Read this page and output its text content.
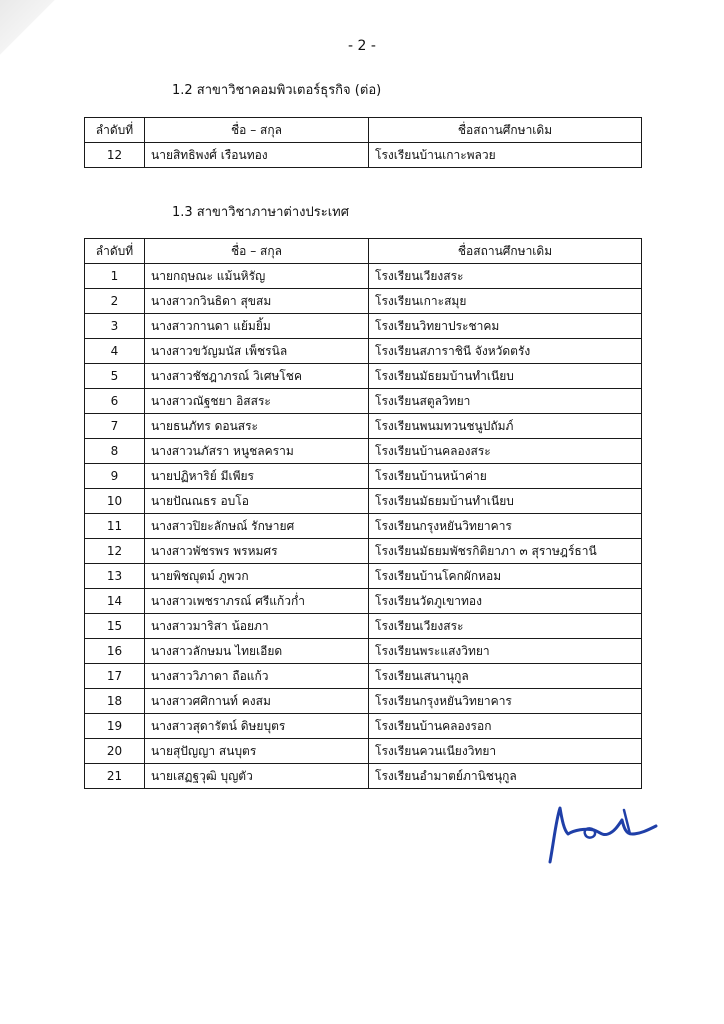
- 2 -
1.2 สาขาวิชาคอมพิวเตอร์ธุรกิจ (ต่อ)
ลำดับที่	ชื่อ – สกุล	ชื่อสถานศึกษาเดิม
12	นายสิทธิพงศ์ เรือนทอง	โรงเรียนบ้านเกาะพลวย
1.3 สาขาวิชาภาษาต่างประเทศ
ลำดับที่	ชื่อ – สกุล	ชื่อสถานศึกษาเดิม
1	นายกฤษณะ แม้นหิรัญ	โรงเรียนเวียงสระ
2	นางสาวกวินธิดา สุขสม	โรงเรียนเกาะสมุย
3	นางสาวกานดา แย้มยิ้ม	โรงเรียนวิทยาประชาคม
4	นางสาวขวัญมนัส เพ็ชรนิล	โรงเรียนสภาราชินี จังหวัดตรัง
5	นางสาวชัชฎาภรณ์ วิเศษโชค	โรงเรียนมัธยมบ้านทำเนียบ
6	นางสาวณัฐชยา อิสสระ	โรงเรียนสตูลวิทยา
7	นายธนภัทร ดอนสระ	โรงเรียนพนมทวนชนูปถัมภ์
8	นางสาวนภัสรา หนูชลคราม	โรงเรียนบ้านคลองสระ
9	นายปฏิหาริย์ มีเพียร	โรงเรียนบ้านหน้าค่าย
10	นายปัณณธร อบโอ	โรงเรียนมัธยมบ้านทำเนียบ
11	นางสาวปิยะลักษณ์ รักษายศ	โรงเรียนกรุงหยันวิทยาคาร
12	นางสาวพัชรพร พรหมศร	โรงเรียนมัธยมพัชรกิติยาภา ๓ สุราษฎร์ธานี
13	นายพิชญุตม์ ภูพวก	โรงเรียนบ้านโคกผักหอม
14	นางสาวเพชราภรณ์ ศรีแก้วก่ำ	โรงเรียนวัดภูเขาทอง
15	นางสาวมาริสา น้อยภา	โรงเรียนเวียงสระ
16	นางสาวลักษมน ไทยเอียด	โรงเรียนพระแสงวิทยา
17	นางสาววิภาดา ถือแก้ว	โรงเรียนเสนานุกูล
18	นางสาวศศิกานท์ คงสม	โรงเรียนกรุงหยันวิทยาคาร
19	นางสาวสุดารัตน์ ดิษยบุตร	โรงเรียนบ้านคลองรอก
20	นายสุปัญญา สนบุตร	โรงเรียนควนเนียงวิทยา
21	นายเสฏฐวุฒิ บุญตัว	โรงเรียนอำมาตย์ภานิชนุกูล
